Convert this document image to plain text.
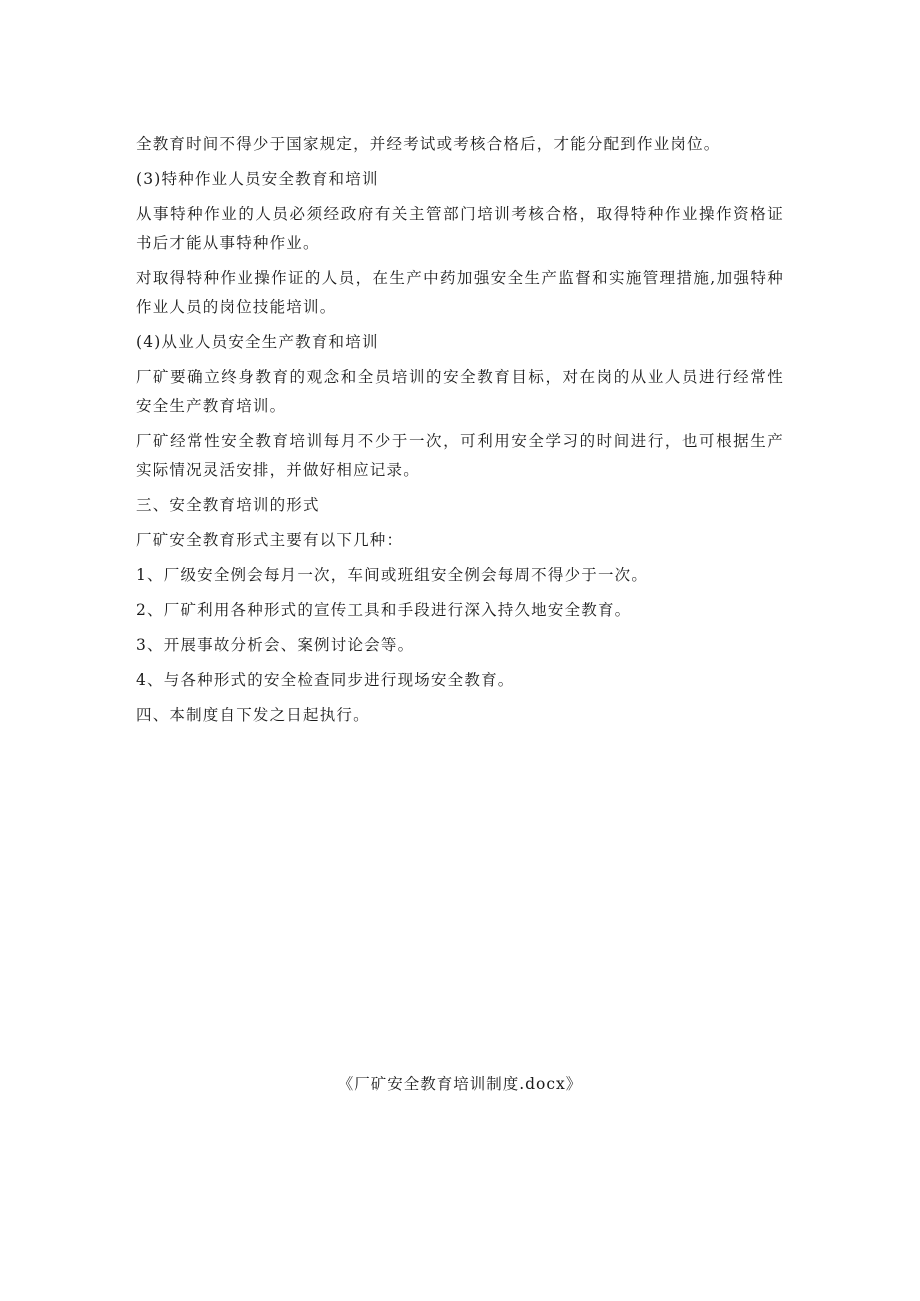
全教育时间不得少于国家规定，并经考试或考核合格后，才能分配到作业岗位。

(3)特种作业人员安全教育和培训

从事特种作业的人员必须经政府有关主管部门培训考核合格，取得特种作业操作资格证书后才能从事特种作业。

对取得特种作业操作证的人员，在生产中药加强安全生产监督和实施管理措施,加强特种作业人员的岗位技能培训。

(4)从业人员安全生产教育和培训

厂矿要确立终身教育的观念和全员培训的安全教育目标，对在岗的从业人员进行经常性安全生产教育培训。

厂矿经常性安全教育培训每月不少于一次，可利用安全学习的时间进行，也可根据生产实际情况灵活安排，并做好相应记录。

三、安全教育培训的形式

厂矿安全教育形式主要有以下几种：

1、厂级安全例会每月一次，车间或班组安全例会每周不得少于一次。

2、厂矿利用各种形式的宣传工具和手段进行深入持久地安全教育。

3、开展事故分析会、案例讨论会等。

4、与各种形式的安全检查同步进行现场安全教育。

四、本制度自下发之日起执行。

《厂矿安全教育培训制度.docx》
